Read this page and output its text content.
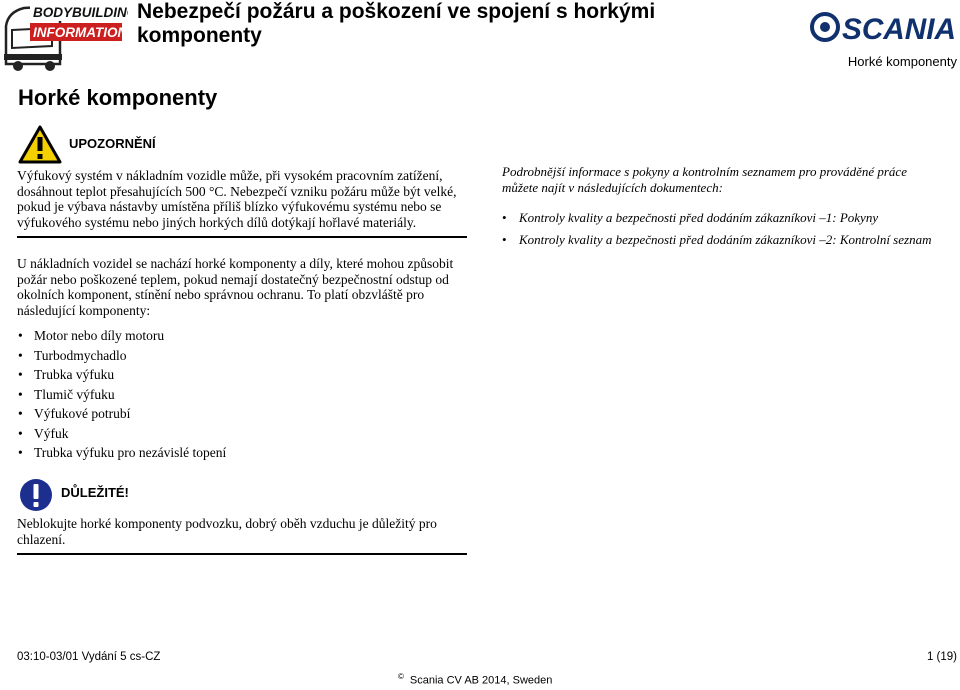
BODYBUILDING
INFORMATION
Nebezpečí požáru a poškození ve spojení s horkými komponenty	SCANIA
Horké komponenty
Horké komponenty
UPOZORNĚNÍ
Výfukový systém v nákladním vozidle může, při vysokém pracovním zatížení, dosáhnout teplot přesahujících 500 °C. Nebezpečí vzniku požáru může být velké, pokud je výbava nástavby umístěna příliš blízko výfukovému systému nebo se výfukového systému nebo jiných horkých dílů dotýkají hořlavé materiály.
U nákladních vozidel se nachází horké komponenty a díly, které mohou způsobit požár nebo poškozené teplem, pokud nemají dostatečný bezpečnostní odstup od okolních komponent, stínění nebo správnou ochranu. To platí obzvláště pro následující komponenty:
• Motor nebo díly motoru
• Turbodmychadlo
• Trubka výfuku
• Tlumič výfuku
• Výfukové potrubí
• Výfuk
• Trubka výfuku pro nezávislé topení
DŮLEŽITÉ!
Neblokujte horké komponenty podvozku, dobrý oběh vzduchu je důležitý pro chlazení.
Podrobnější informace s pokyny a kontrolním seznamem pro prováděné práce můžete najít v následujících dokumentech:
• Kontroly kvality a bezpečnosti před dodáním zákazníkovi –1: Pokyny
• Kontroly kvality a bezpečnosti před dodáním zákazníkovi –2: Kontrolní seznam
03:10-03/01 Vydání 5 cs-CZ	1 (19)
© Scania CV AB 2014, Sweden
